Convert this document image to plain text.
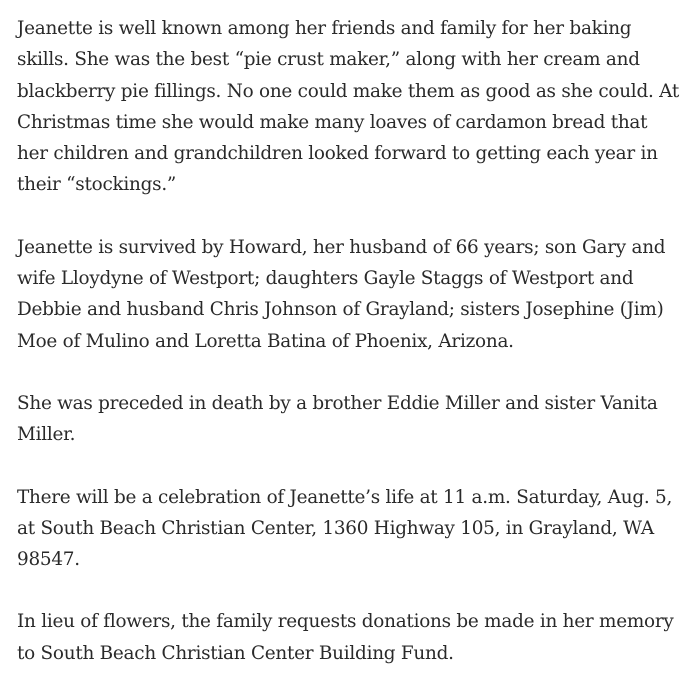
Jeanette is well known among her friends and family for her baking
skills. She was the best “pie crust maker,” along with her cream and
blackberry pie fillings. No one could make them as good as she could. At
Christmas time she would make many loaves of cardamon bread that
her children and grandchildren looked forward to getting each year in
their “stockings.”

Jeanette is survived by Howard, her husband of 66 years; son Gary and
wife Lloydyne of Westport; daughters Gayle Staggs of Westport and
Debbie and husband Chris Johnson of Grayland; sisters Josephine (Jim)
Moe of Mulino and Loretta Batina of Phoenix, Arizona.

She was preceded in death by a brother Eddie Miller and sister Vanita
Miller.

There will be a celebration of Jeanette’s life at 11 a.m. Saturday, Aug. 5,
at South Beach Christian Center, 1360 Highway 105, in Grayland, WA
98547.

In lieu of flowers, the family requests donations be made in her memory
to South Beach Christian Center Building Fund.
